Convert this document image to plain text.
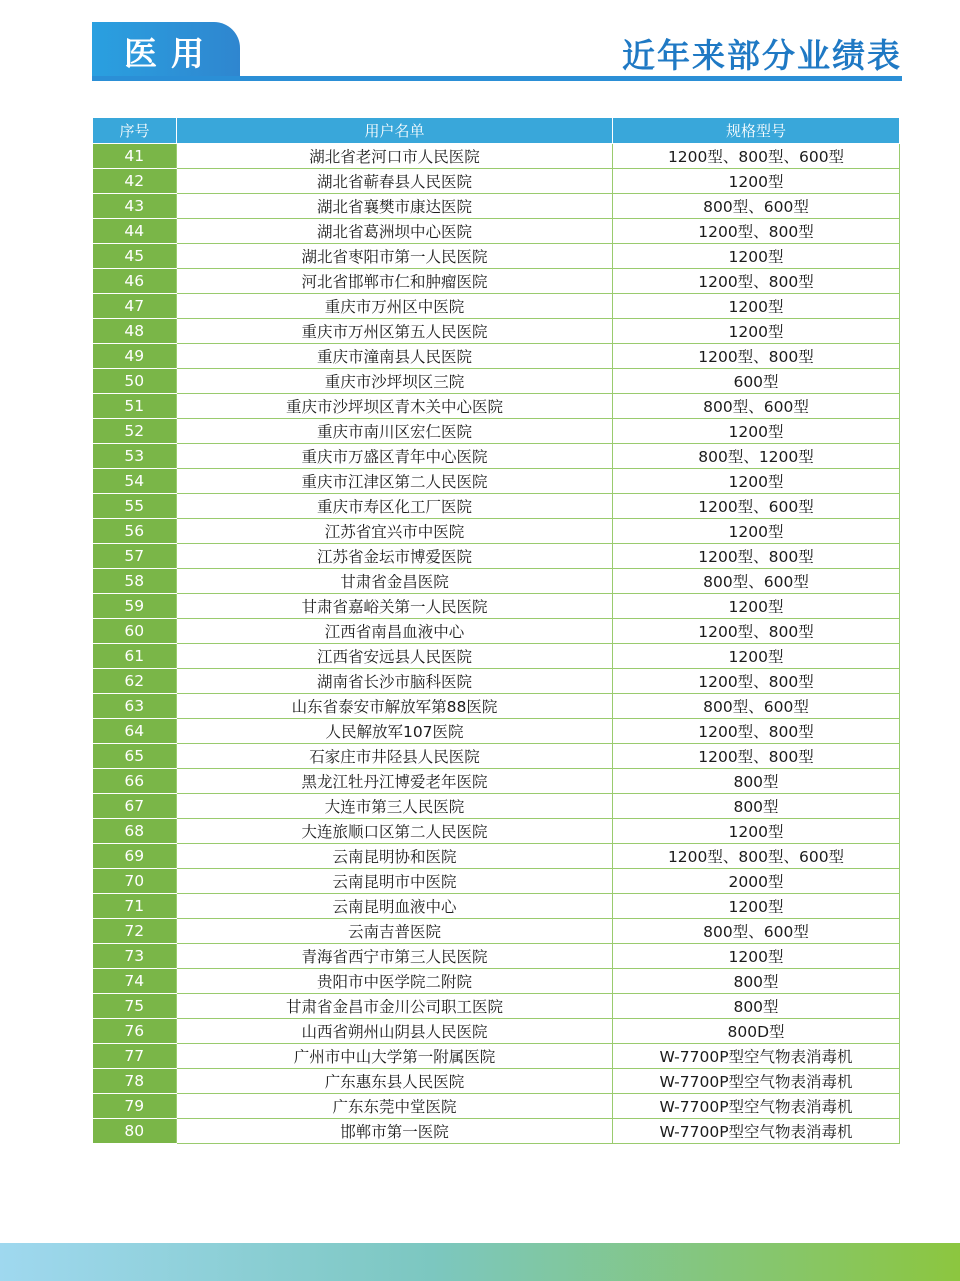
医用	近年来部分业绩表
序号	用户名单	规格型号
41	湖北省老河口市人民医院	1200型、800型、600型
42	湖北省蕲春县人民医院	1200型
43	湖北省襄樊市康达医院	800型、600型
44	湖北省葛洲坝中心医院	1200型、800型
45	湖北省枣阳市第一人民医院	1200型
46	河北省邯郸市仁和肿瘤医院	1200型、800型
47	重庆市万州区中医院	1200型
48	重庆市万州区第五人民医院	1200型
49	重庆市潼南县人民医院	1200型、800型
50	重庆市沙坪坝区三院	600型
51	重庆市沙坪坝区青木关中心医院	800型、600型
52	重庆市南川区宏仁医院	1200型
53	重庆市万盛区青年中心医院	800型、1200型
54	重庆市江津区第二人民医院	1200型
55	重庆市寿区化工厂医院	1200型、600型
56	江苏省宜兴市中医院	1200型
57	江苏省金坛市博爱医院	1200型、800型
58	甘肃省金昌医院	800型、600型
59	甘肃省嘉峪关第一人民医院	1200型
60	江西省南昌血液中心	1200型、800型
61	江西省安远县人民医院	1200型
62	湖南省长沙市脑科医院	1200型、800型
63	山东省泰安市解放军第88医院	800型、600型
64	人民解放军107医院	1200型、800型
65	石家庄市井陉县人民医院	1200型、800型
66	黑龙江牡丹江博爱老年医院	800型
67	大连市第三人民医院	800型
68	大连旅顺口区第二人民医院	1200型
69	云南昆明协和医院	1200型、800型、600型
70	云南昆明市中医院	2000型
71	云南昆明血液中心	1200型
72	云南吉普医院	800型、600型
73	青海省西宁市第三人民医院	1200型
74	贵阳市中医学院二附院	800型
75	甘肃省金昌市金川公司职工医院	800型
76	山西省朔州山阴县人民医院	800D型
77	广州市中山大学第一附属医院	W-7700P型空气物表消毒机
78	广东惠东县人民医院	W-7700P型空气物表消毒机
79	广东东莞中堂医院	W-7700P型空气物表消毒机
80	邯郸市第一医院	W-7700P型空气物表消毒机
